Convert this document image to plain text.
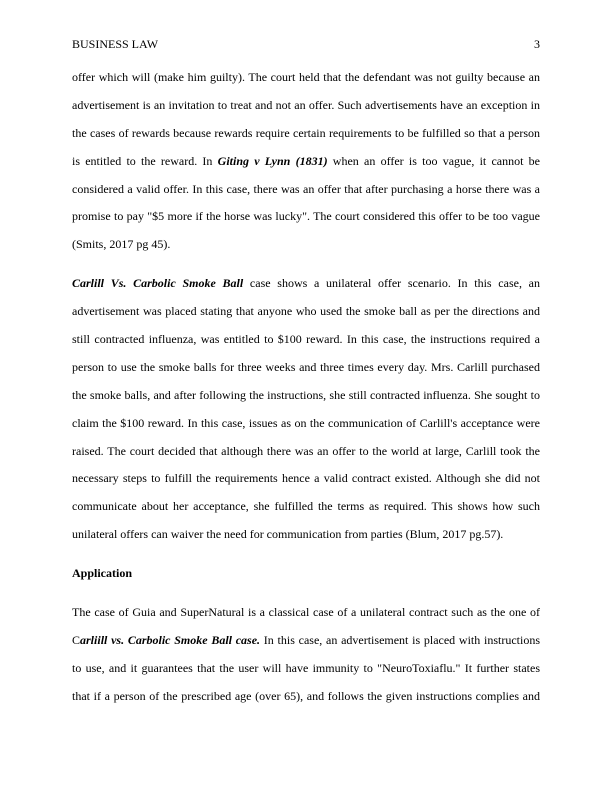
BUSINESS LAW	3
offer which will (make him guilty). The court held that the defendant was not guilty because an
advertisement is an invitation to treat and not an offer. Such advertisements have an exception in
the cases of rewards because rewards require certain requirements to be fulfilled so that a person
is entitled to the reward. In Giting v Lynn (1831) when an offer is too vague, it cannot be
considered a valid offer. In this case, there was an offer that after purchasing a horse there was a
promise to pay "$5 more if the horse was lucky". The court considered this offer to be too vague
(Smits, 2017 pg 45).
Carlill Vs. Carbolic Smoke Ball case shows a unilateral offer scenario. In this case, an
advertisement was placed stating that anyone who used the smoke ball as per the directions and
still contracted influenza, was entitled to $100 reward. In this case, the instructions required a
person to use the smoke balls for three weeks and three times every day. Mrs. Carlill purchased
the smoke balls, and after following the instructions, she still contracted influenza. She sought to
claim the $100 reward. In this case, issues as on the communication of Carlill's acceptance were
raised. The court decided that although there was an offer to the world at large, Carlill took the
necessary steps to fulfill the requirements hence a valid contract existed. Although she did not
communicate about her acceptance, she fulfilled the terms as required. This shows how such
unilateral offers can waiver the need for communication from parties (Blum, 2017 pg.57).
Application
The case of Guia and SuperNatural is a classical case of a unilateral contract such as the one of
Carliill vs. Carbolic Smoke Ball case. In this case, an advertisement is placed with instructions
to use, and it guarantees that the user will have immunity to "NeuroToxiaflu." It further states
that if a person of the prescribed age (over 65), and follows the given instructions complies and
